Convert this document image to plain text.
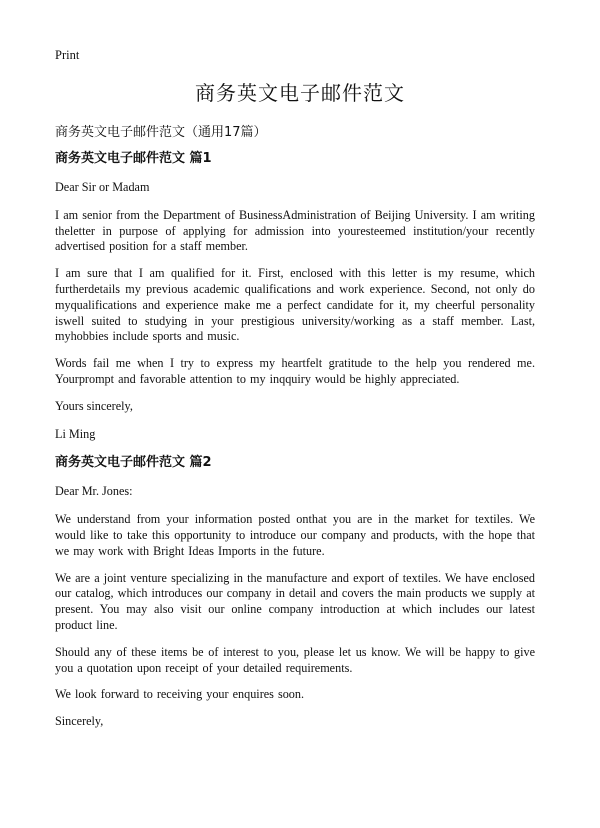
Print
商务英文电子邮件范文
商务英文电子邮件范文（通用17篇）
商务英文电子邮件范文 篇1
Dear Sir or Madam

I am senior from the Department of BusinessAdministration of Beijing University. I am writing theletter in purpose of applying for admission into youresteemed institution/your recently advertised position for a staff member.

I am sure that I am qualified for it. First, enclosed with this letter is my resume, which furtherdetails my previous academic qualifications and work experience. Second, not only do myqualifications and experience make me a perfect candidate for it, my cheerful personality iswell suited to studying in your prestigious university/working as a staff member. Last, myhobbies include sports and music.

Words fail me when I try to express my heartfelt gratitude to the help you rendered me. Yourprompt and favorable attention to my inqquiry would be highly appreciated.

Yours sincerely,
Li Ming
商务英文电子邮件范文 篇2
Dear Mr. Jones:

We understand from your information posted onthat you are in the market for textiles. We would like to take this opportunity to introduce our company and products, with the hope that we may work with Bright Ideas Imports in the future.

We are a joint venture specializing in the manufacture and export of textiles. We have enclosed our catalog, which introduces our company in detail and covers the main products we supply at present. You may also visit our online company introduction at which includes our latest product line.

Should any of these items be of interest to you, please let us know. We will be happy to give you a quotation upon receipt of your detailed requirements.

We look forward to receiving your enquires soon.

Sincerely,
